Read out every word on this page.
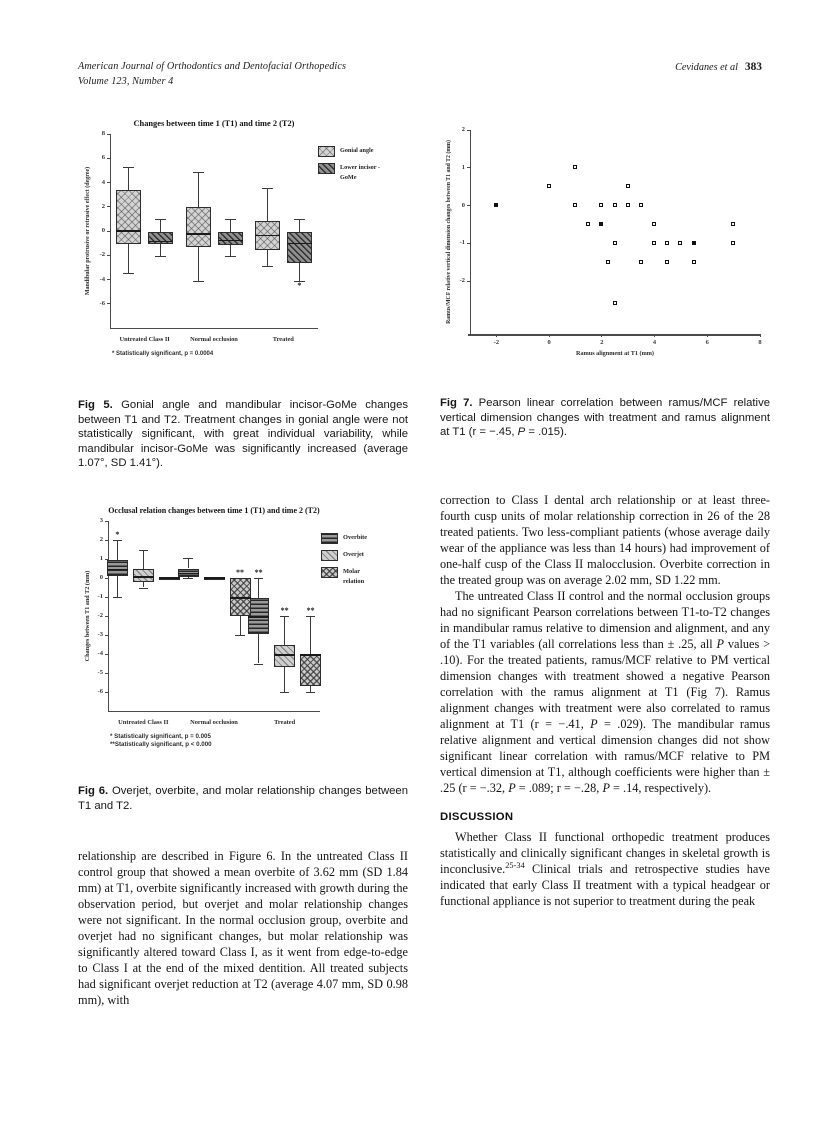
American Journal of Orthodontics and Dentofacial Orthopedics
Volume 123, Number 4
Cevidanes et al 383
Changes between time 1 (T1) and time 2 (T2)
-6
-4
-2
0
2
4
6
8
Mandibular protrusive or retrusive effect (degree)
Untreated Class II	Normal occlusion	Treated
*
Gonial angle
Lower incisor -
GoMe
* Statistically significant, p = 0.0004
Fig 5. Gonial angle and mandibular incisor-GoMe changes between T1 and T2. Treatment changes in gonial angle were not statistically significant, with great individual variability, while mandibular incisor-GoMe was significantly increased (average 1.07°, SD 1.41°).
Occlusal relation changes between time 1 (T1) and time 2 (T2)
-6
-5
-4
-3
-2
-1
0
1
2
3
Changes between T1 and T2 (mm)
Untreated Class II	Normal occlusion	Treated
*
**
**
**
**
Overbite
Overjet
Molar
relation
* Statistically significant, p = 0.005
**Statistically significant, p < 0.000
Fig 6. Overjet, overbite, and molar relationship changes between T1 and T2.

relationship are described in Figure 6. In the untreated Class II control group that showed a mean overbite of 3.62 mm (SD 1.84 mm) at T1, overbite significantly increased with growth during the observation period, but overjet and molar relationship changes were not significant. In the normal occlusion group, overbite and overjet had no significant changes, but molar relationship was significantly altered toward Class I, as it went from edge-to-edge to Class I at the end of the mixed dentition. All treated subjects had significant overjet reduction at T2 (average 4.07 mm, SD 0.98 mm), with

-2
-1
0
1
2
-2	0	2	4	6	8
Ramus alignment at T1 (mm)
Ramus/MCF relative vertical dimension changes between T1 and T2 (mm)
Fig 7. Pearson linear correlation between ramus/MCF relative vertical dimension changes with treatment and ramus alignment at T1 (r = −.45, P = .015).

correction to Class I dental arch relationship or at least three-fourth cusp units of molar relationship correction in 26 of the 28 treated patients. Two less-compliant patients (whose average daily wear of the appliance was less than 14 hours) had improvement of one-half cusp of the Class II malocclusion. Overbite correction in the treated group was on average 2.02 mm, SD 1.22 mm.

The untreated Class II control and the normal occlusion groups had no significant Pearson correlations between T1-to-T2 changes in mandibular ramus relative to dimension and alignment, and any of the T1 variables (all correlations less than ± .25, all P values > .10). For the treated patients, ramus/MCF relative to PM vertical dimension changes with treatment showed a negative Pearson correlation with the ramus alignment at T1 (Fig 7). Ramus alignment changes with treatment were also correlated to ramus alignment at T1 (r = −.41, P = .029). The mandibular ramus relative alignment and vertical dimension changes did not show significant linear correlation with ramus/MCF relative to PM vertical dimension at T1, although coefficients were higher than ± .25 (r = −.32, P = .089; r = −.28, P = .14, respectively).

DISCUSSION

Whether Class II functional orthopedic treatment produces statistically and clinically significant changes in skeletal growth is inconclusive.$^{25-34}$ Clinical trials and retrospective studies have indicated that early Class II treatment with a typical headgear or functional appliance is not superior to treatment during the peak
